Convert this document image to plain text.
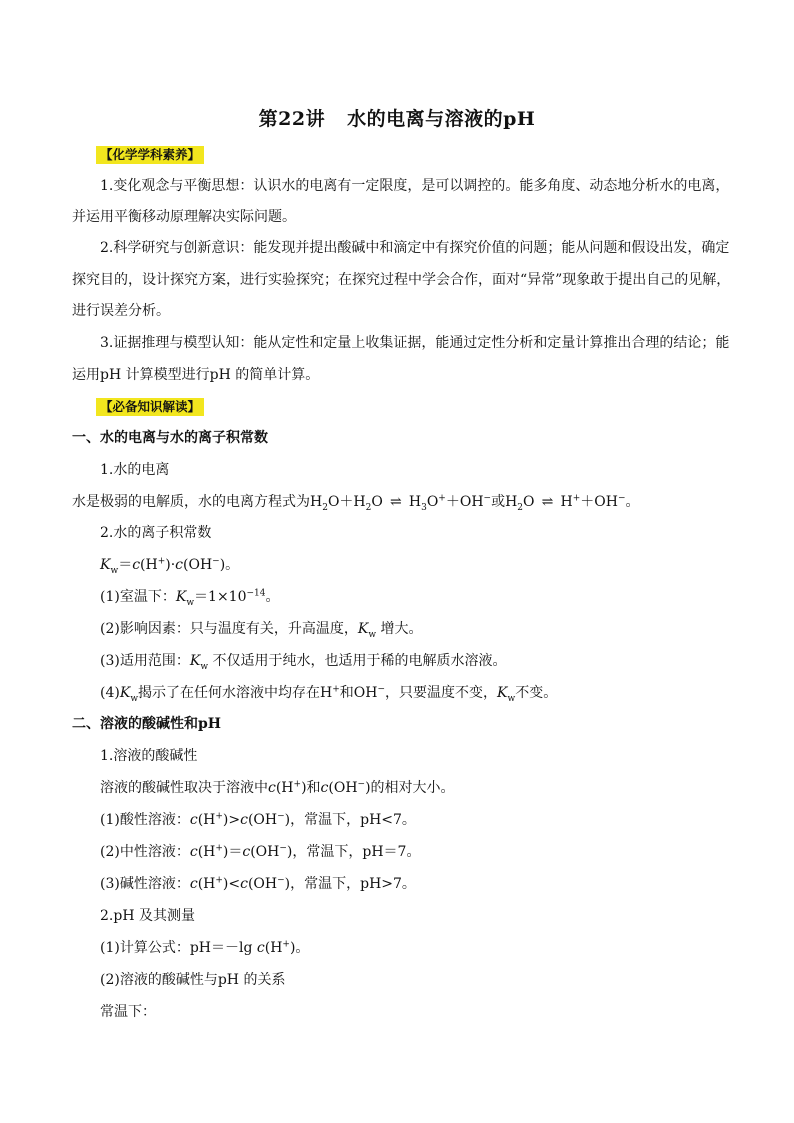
第22讲 水的电离与溶液的pH
【化学学科素养】
1.变化观念与平衡思想：认识水的电离有一定限度，是可以调控的。能多角度、动态地分析水的电离，
并运用平衡移动原理解决实际问题。
2.科学研究与创新意识：能发现并提出酸碱中和滴定中有探究价值的问题；能从问题和假设出发，确定
探究目的，设计探究方案，进行实验探究；在探究过程中学会合作，面对“异常”现象敢于提出自己的见解，
进行误差分析。
3.证据推理与模型认知：能从定性和定量上收集证据，能通过定性分析和定量计算推出合理的结论；能
运用pH 计算模型进行pH 的简单计算。
【必备知识解读】
一、水的电离与水的离子积常数
1.水的电离
水是极弱的电解质，水的电离方程式为$H_2O+H_2O$ ⇌ $H_3O^++OH^-$或$H_2O$ ⇌ H+＋OH−。
2.水的离子积常数
$K_w=c(H^+)\cdot c(OH^-)$。
(1)室温下：$K_w=1\times 10^{-14}$。
(2)影响因素：只与温度有关，升高温度，$K_w$ 增大。
(3)适用范围：$K_w$ 不仅适用于纯水，也适用于稀的电解质水溶液。
$(4)K_w$揭示了在任何水溶液中均存在H+和OH−，只要温度不变，$K_w$不变。
二、溶液的酸碱性和pH
1.溶液的酸碱性
溶液的酸碱性取决于溶液中c(H+)和c(OH−)的相对大小。
(1)酸性溶液：c(H+)>c(OH−)，常温下，pH<7。
(2)中性溶液：c(H+)＝c(OH−)，常温下，pH＝7。
(3)碱性溶液：c(H+)<c(OH−)，常温下，pH>7。
2.pH 及其测量
(1)计算公式：pH＝－lg c(H+)。
(2)溶液的酸碱性与pH 的关系
常温下：
